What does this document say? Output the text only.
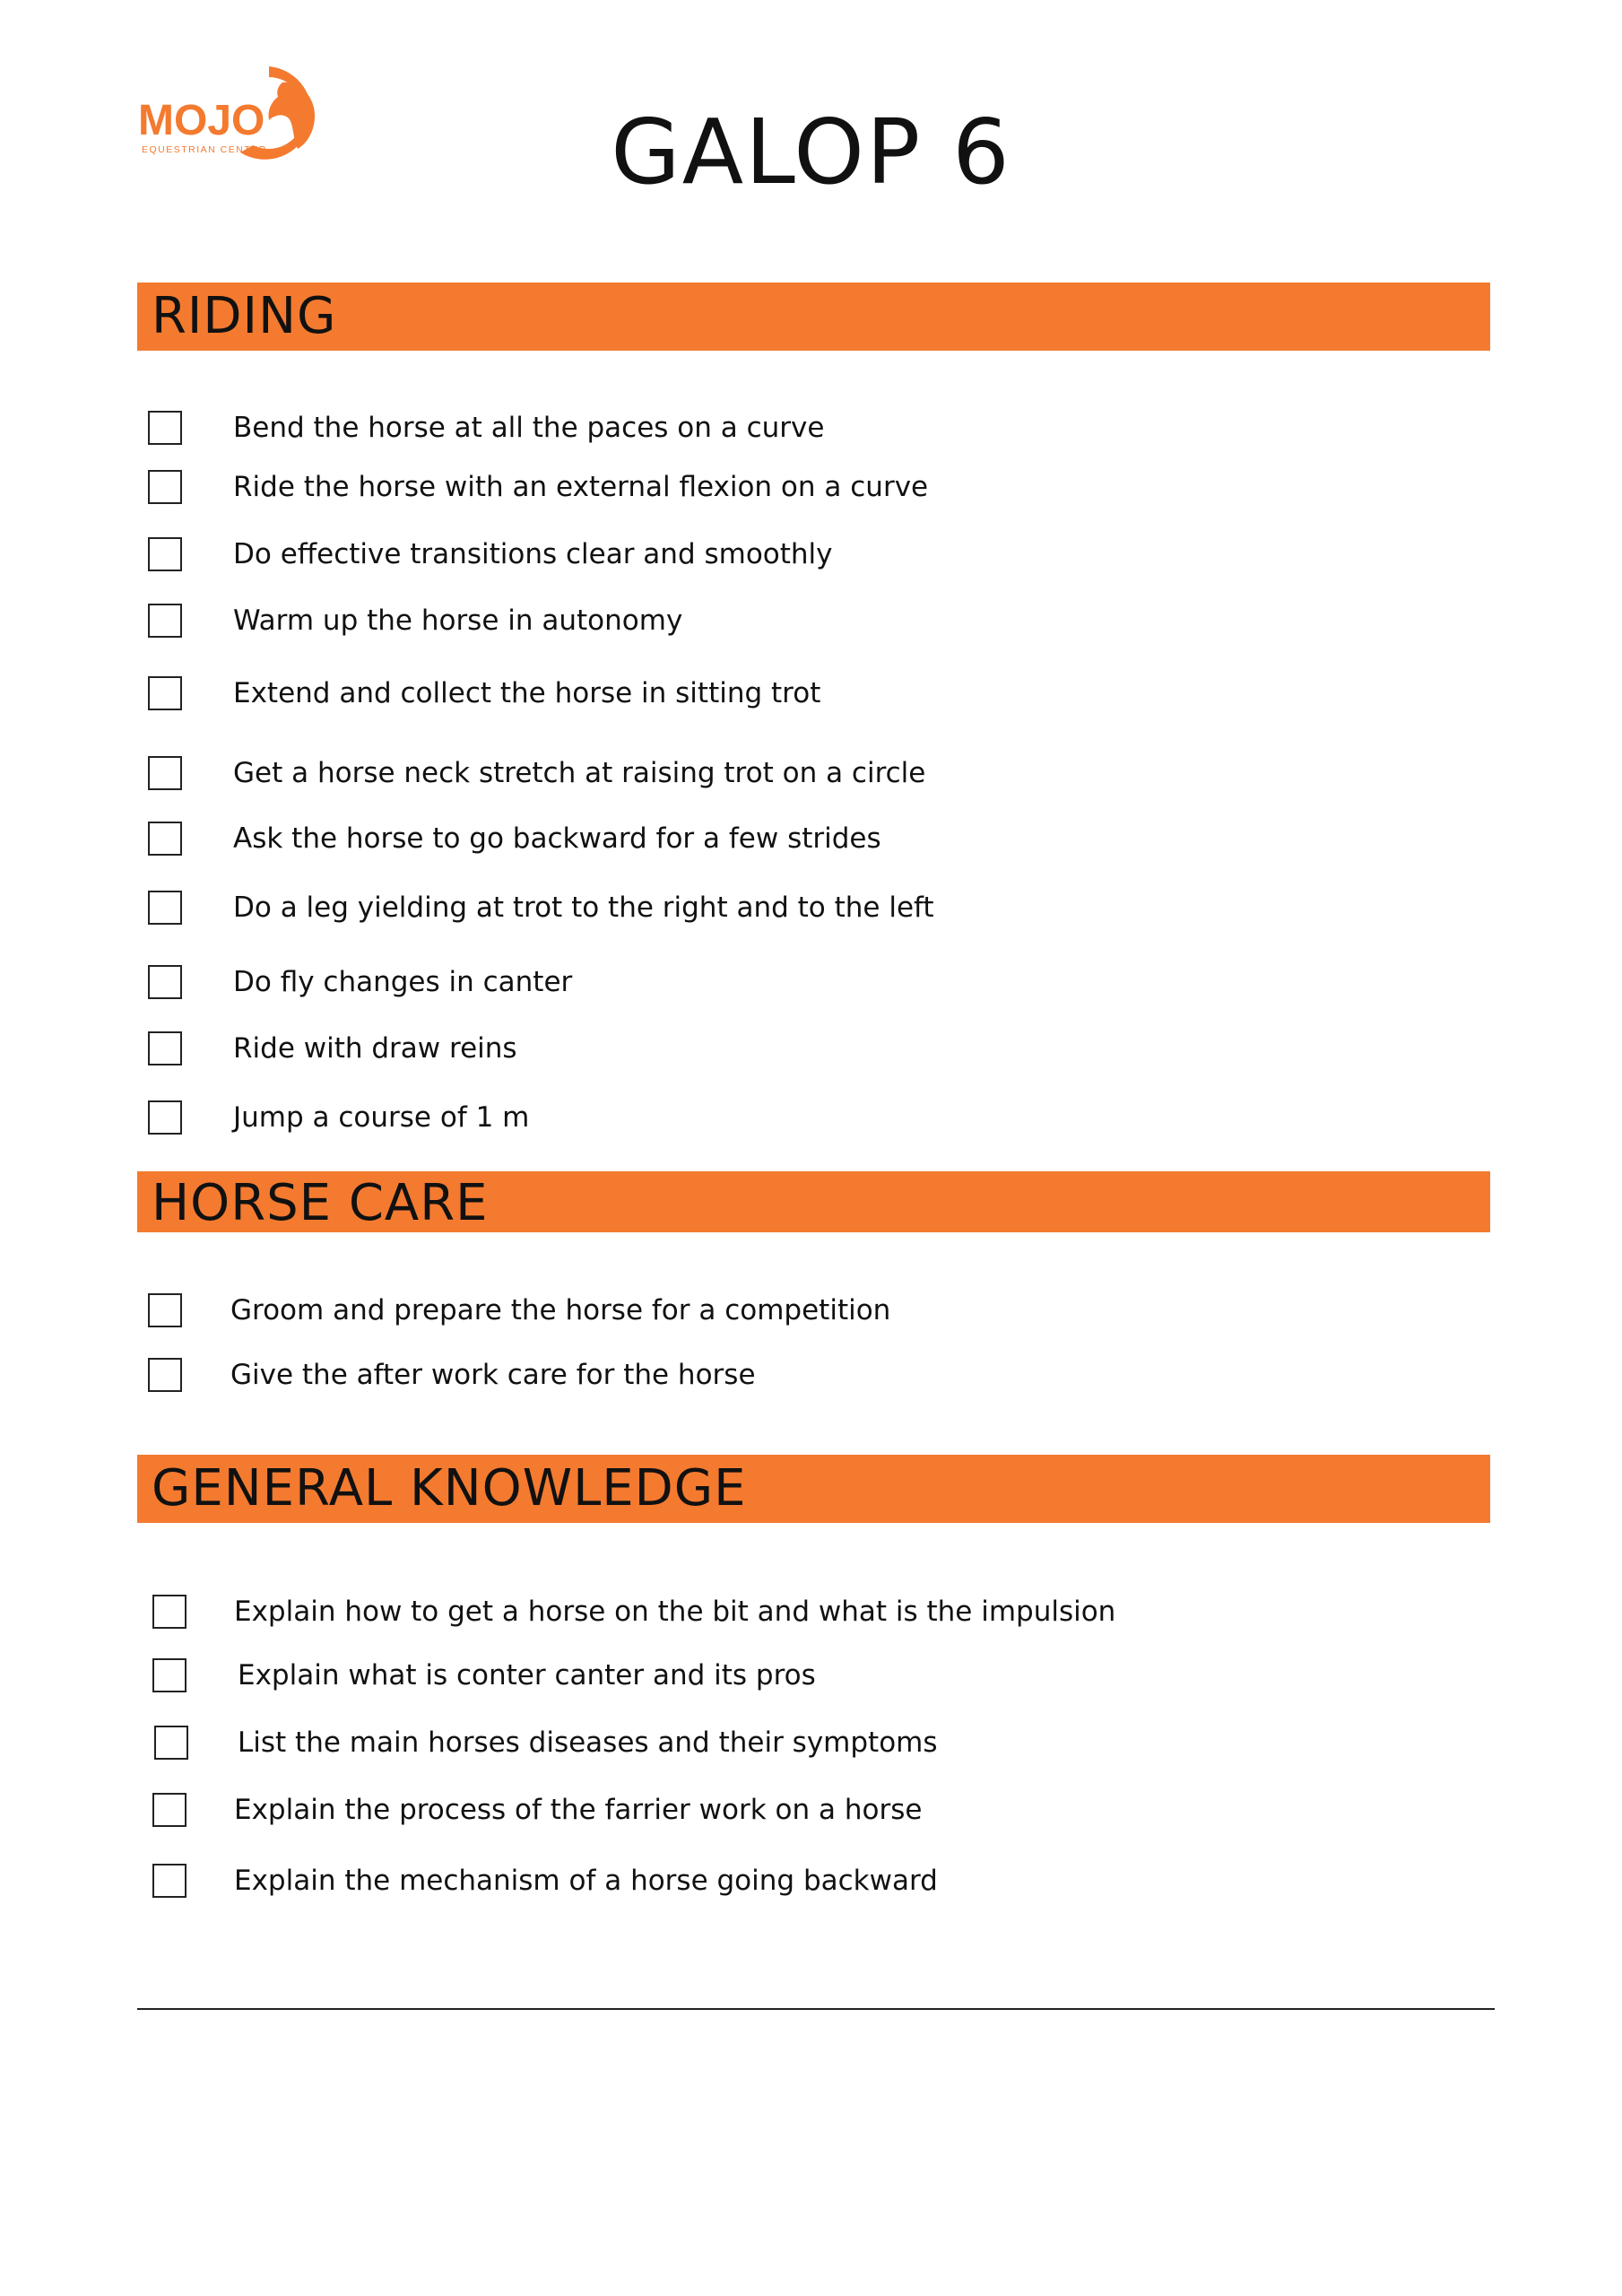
MOJO
EQUESTRIAN CENTER	GALOP 6
RIDING
Bend the horse at all the paces on a curve
Ride the horse with an external flexion on a curve
Do effective transitions clear and smoothly
Warm up the horse in autonomy
Extend and collect the horse in sitting trot
Get a horse neck stretch at raising trot on a circle
Ask the horse to go backward for a few strides
Do a leg yielding at trot to the right and to the left
Do fly changes in canter
Ride with draw reins
Jump a course of 1 m
HORSE CARE
Groom and prepare the horse for a competition
Give the after work care for the horse
GENERAL KNOWLEDGE
Explain how to get a horse on the bit and what is the impulsion
Explain what is conter canter and its pros
List the main horses diseases and their symptoms
Explain the process of the farrier work on a horse
Explain the mechanism of a horse going backward
